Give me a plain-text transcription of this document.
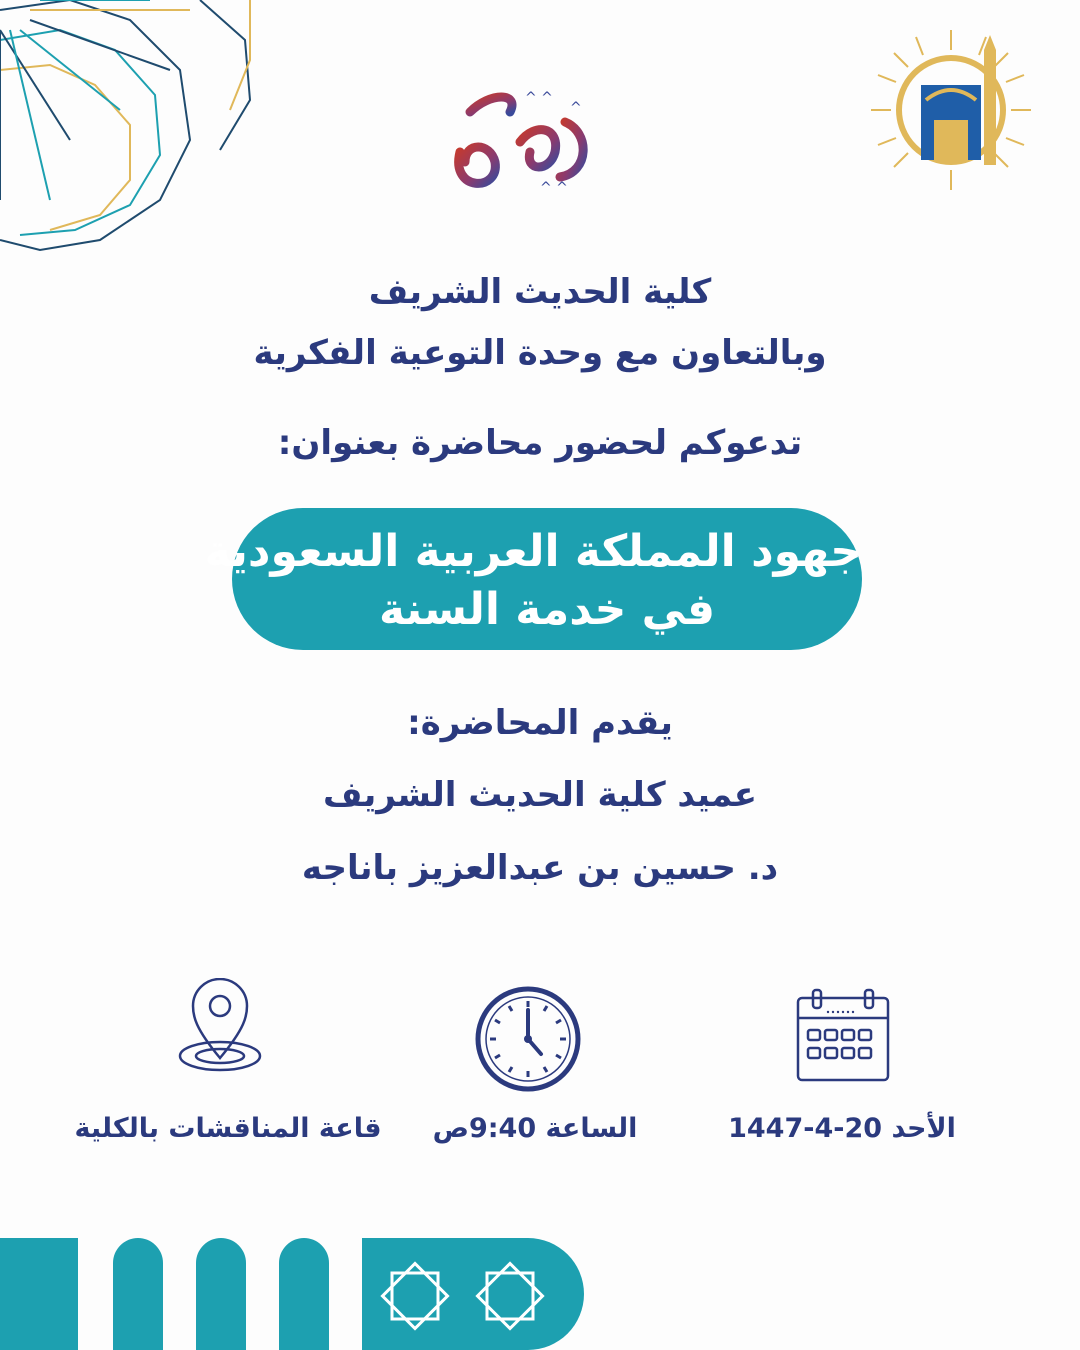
^ ^
^ ^
^
الجامعة الإسلامية بالمدينة المنورة
كلية الحديث الشريف
وبالتعاون مع وحدة التوعية الفكرية
تدعوكم لحضور محاضرة بعنوان:
جهود المملكة العربية السعودية
في خدمة السنة
يقدم المحاضرة:
عميد كلية الحديث الشريف
د. حسين بن عبدالعزيز باناجه
قاعة المناقشات بالكلية	الساعة 9:40ص	الأحد 20-4-1447
